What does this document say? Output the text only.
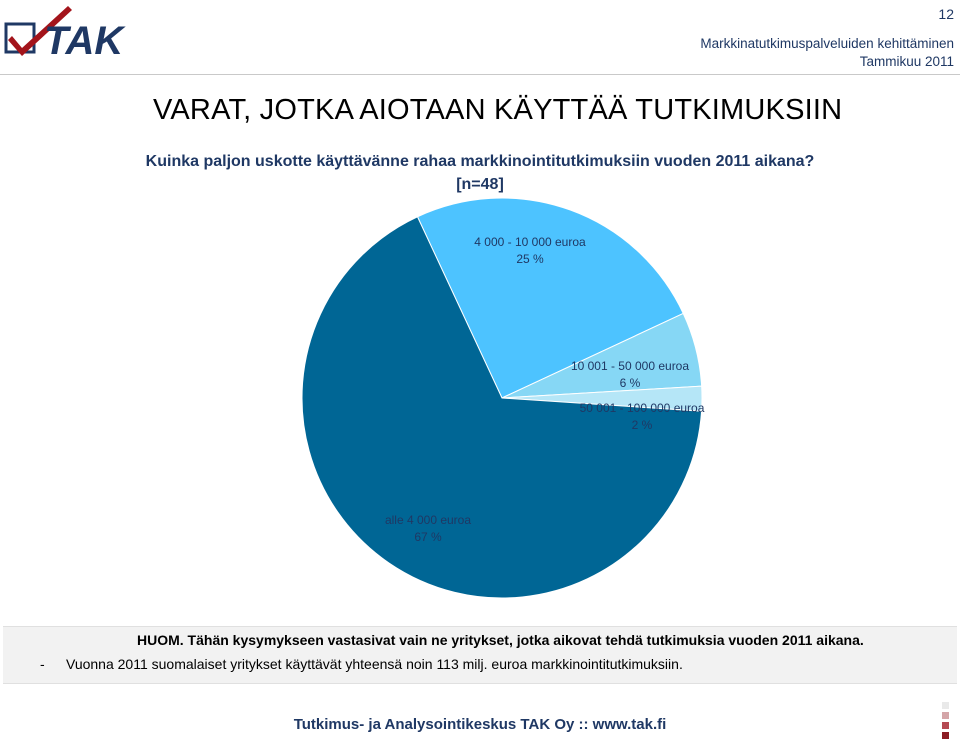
TAK
12
Markkinatutkimuspalveluiden kehittäminen
Tammikuu 2011
VARAT, JOTKA AIOTAAN KÄYTTÄÄ TUTKIMUKSIIN
Kuinka paljon uskotte käyttävänne rahaa markkinointitutkimuksiin vuoden 2011 aikana?
[n=48]
4 000 - 10 000 euroa
25 %
10 001 - 50 000 euroa
6 %
50 001 - 100 000 euroa
2 %
alle 4 000 euroa
67 %
HUOM. Tähän kysymykseen vastasivat vain ne yritykset, jotka aikovat tehdä tutkimuksia vuoden 2011 aikana.
- Vuonna 2011 suomalaiset yritykset käyttävät yhteensä noin 113 milj. euroa markkinointitutkimuksiin.
Tutkimus- ja Analysointikeskus TAK Oy :: www.tak.fi
